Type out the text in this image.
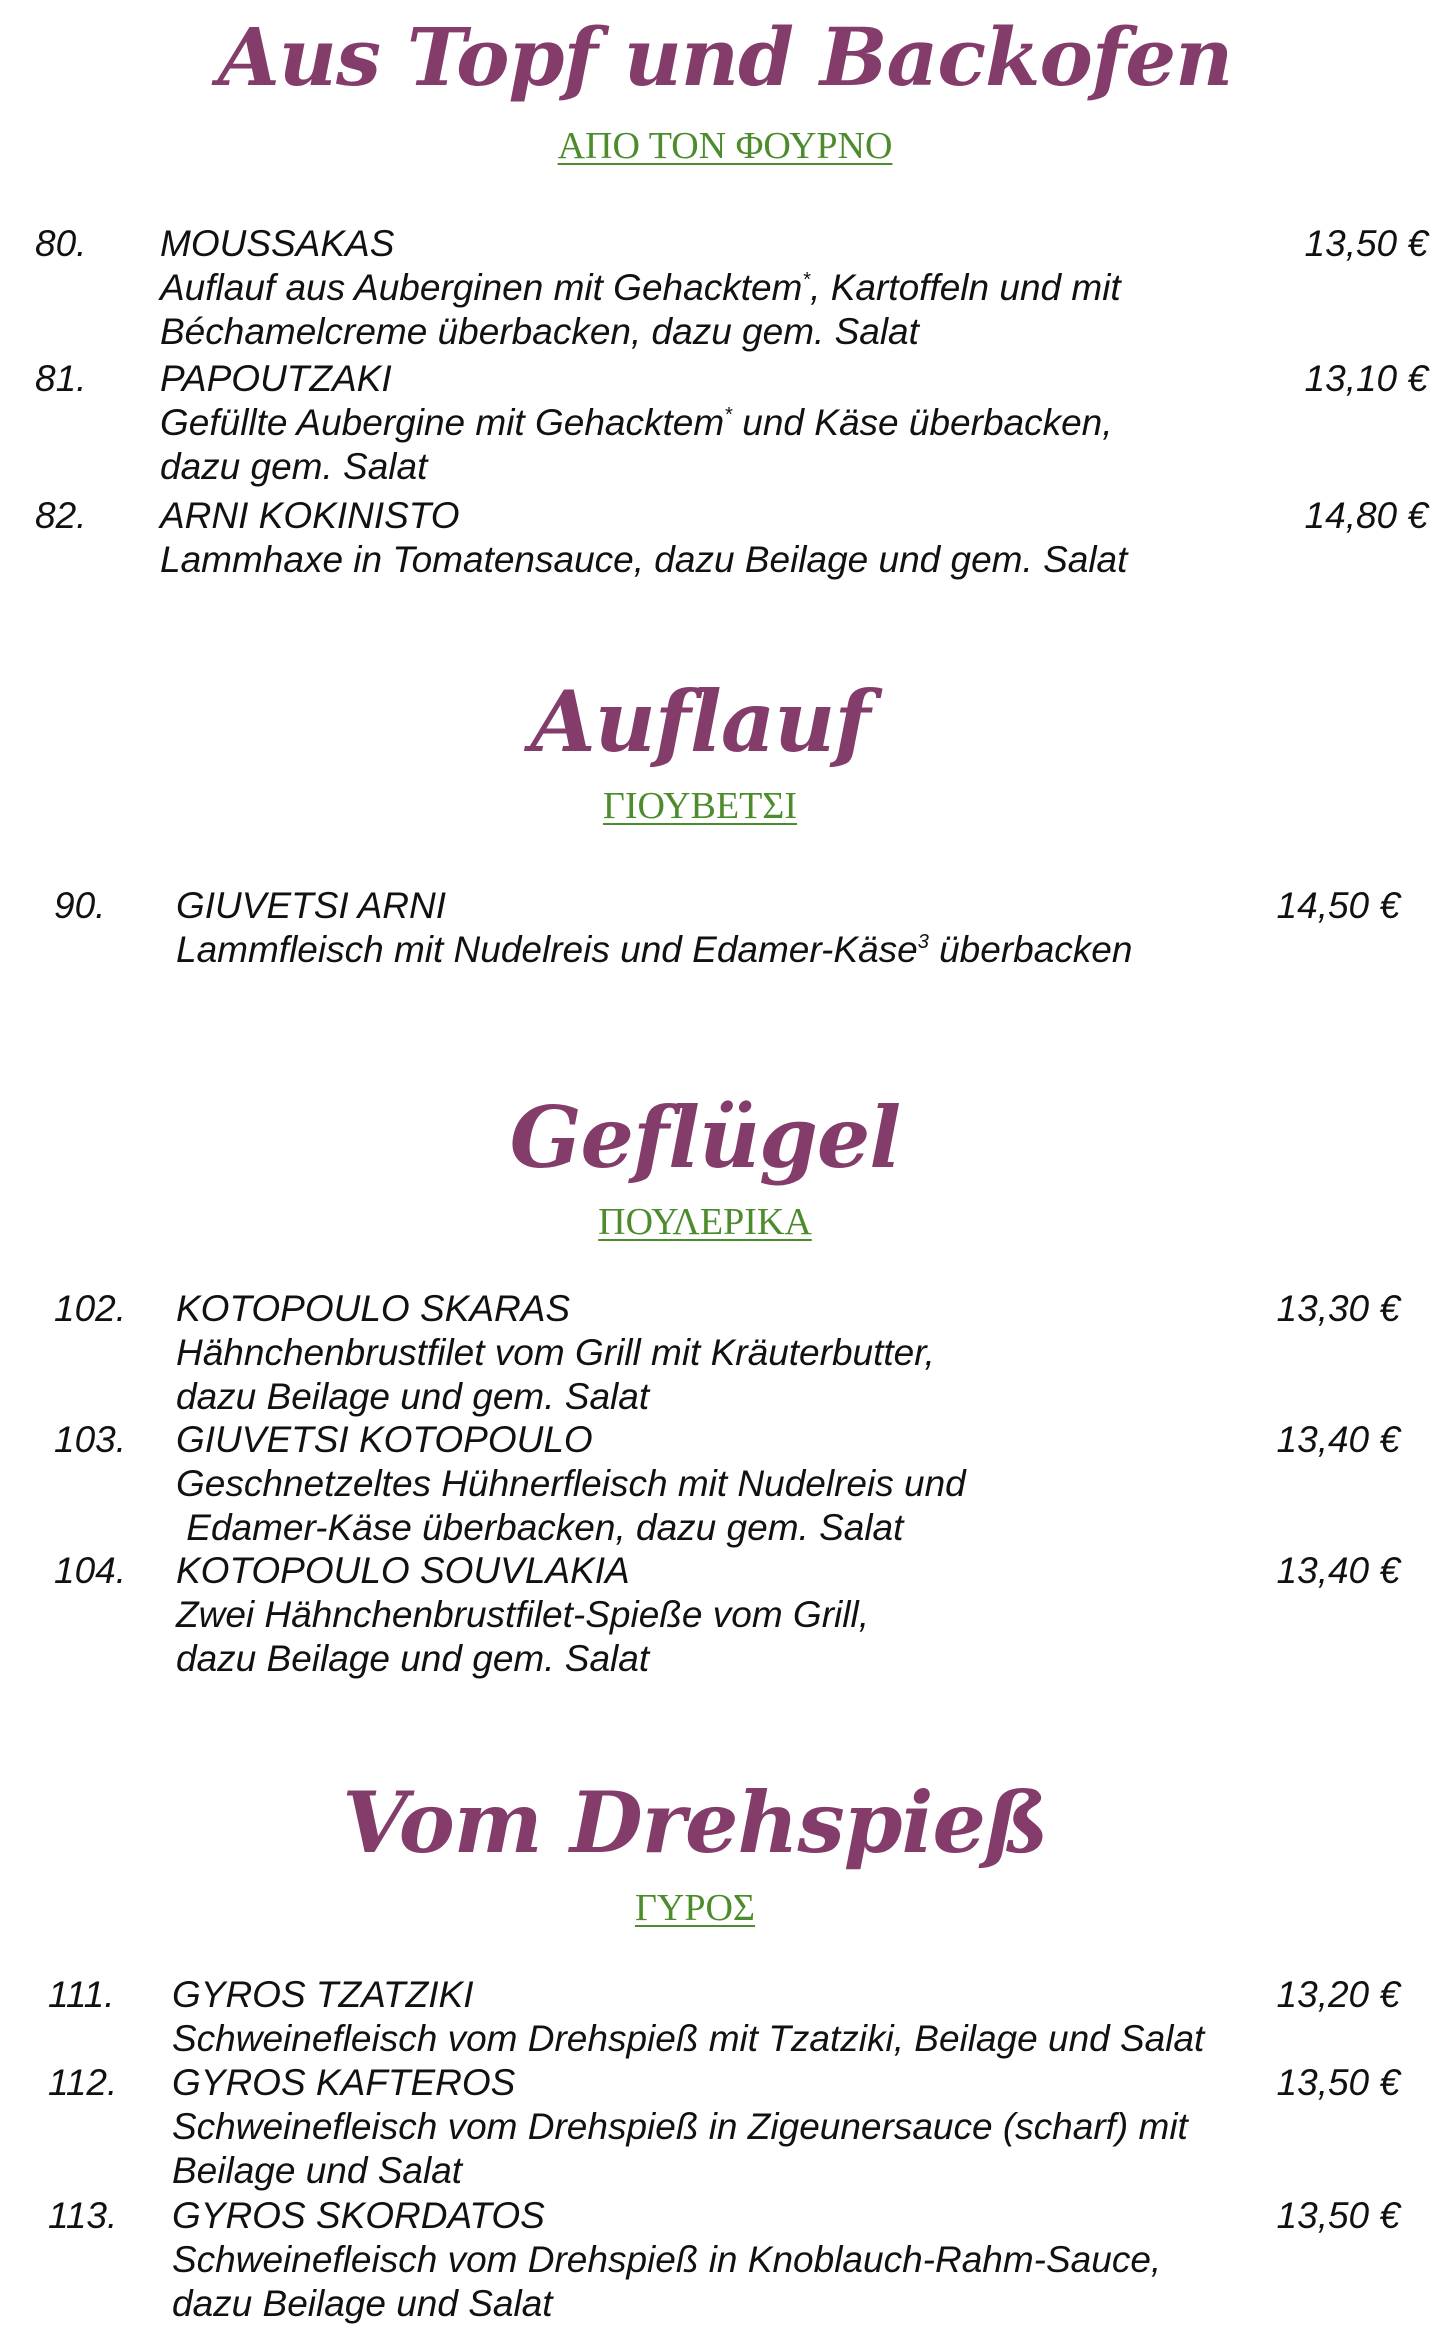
Aus Topf und Backofen
ΑΠΟ ΤΟΝ ΦΟΥΡΝΟ
80. MOUSSAKAS	13,50 €
Auflauf aus Auberginen mit Gehacktem*, Kartoffeln und mit
Béchamelcreme überbacken, dazu gem. Salat
81. PAPOUTZAKI	13,10 €
Gefüllte Aubergine mit Gehacktem* und Käse überbacken,
dazu gem. Salat
82. ARNI KOKINISTO	14,80 €
Lammhaxe in Tomatensauce, dazu Beilage und gem. Salat
Auflauf
ΓΙΟΥΒΕΤΣΙ
90. GIUVETSI ARNI	14,50 €
Lammfleisch mit Nudelreis und Edamer-Käse$^3$ überbacken
Geflügel
ΠΟΥΛΕΡΙΚΑ
102. KOTOPOULO SKARAS	13,30 €
Hähnchenbrustfilet vom Grill mit Kräuterbutter,
dazu Beilage und gem. Salat
103. GIUVETSI KOTOPOULO	13,40 €
Geschnetzeltes Hühnerfleisch mit Nudelreis und
Edamer-Käse überbacken, dazu gem. Salat
104. KOTOPOULO SOUVLAKIA	13,40 €
Zwei Hähnchenbrustfilet-Spieße vom Grill,
dazu Beilage und gem. Salat
Vom Drehspieß
ΓΥΡΟΣ
111. GYROS TZATZIKI	13,20 €
Schweinefleisch vom Drehspieß mit Tzatziki, Beilage und Salat
112. GYROS KAFTEROS	13,50 €
Schweinefleisch vom Drehspieß in Zigeunersauce (scharf) mit
Beilage und Salat
113. GYROS SKORDATOS	13,50 €
Schweinefleisch vom Drehspieß in Knoblauch-Rahm-Sauce,
dazu Beilage und Salat
